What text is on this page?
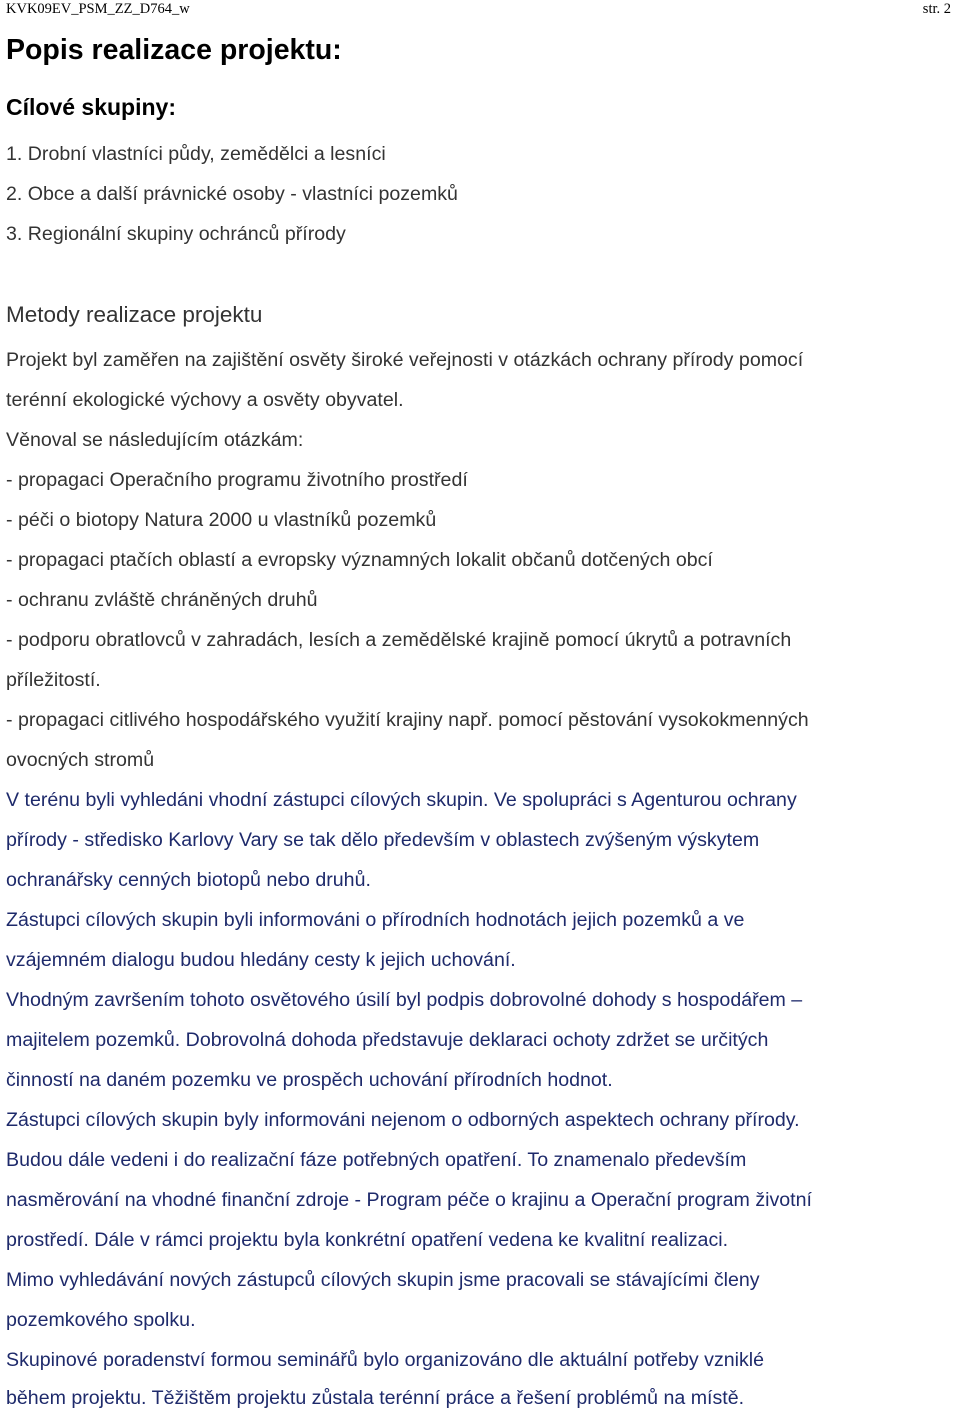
KVK09EV_PSM_ZZ_D764_w	str. 2
Popis realizace projektu:
Cílové skupiny:
1. Drobní vlastníci půdy, zemědělci a lesníci
2. Obce a další právnické osoby - vlastníci pozemků
3. Regionální skupiny ochránců přírody
Metody realizace projektu
Projekt byl zaměřen na zajištění osvěty široké veřejnosti v otázkách ochrany přírody pomocí
terénní ekologické výchovy a osvěty obyvatel.
Věnoval se následujícím otázkám:
- propagaci Operačního programu životního prostředí
- péči o biotopy Natura 2000 u vlastníků pozemků
- propagaci ptačích oblastí a evropsky významných lokalit občanů dotčených obcí
- ochranu zvláště chráněných druhů
- podporu obratlovců v zahradách, lesích a zemědělské krajině pomocí úkrytů a potravních
příležitostí.
- propagaci citlivého hospodářského využití krajiny např. pomocí pěstování vysokokmenných
ovocných stromů
V terénu byli vyhledáni vhodní zástupci cílových skupin. Ve spolupráci s Agenturou ochrany
přírody - středisko Karlovy Vary se tak dělo především v oblastech zvýšeným výskytem
ochranářsky cenných biotopů nebo druhů.
Zástupci cílových skupin byli informováni o přírodních hodnotách jejich pozemků a ve
vzájemném dialogu budou hledány cesty k jejich uchování.
Vhodným završením tohoto osvětového úsilí byl podpis dobrovolné dohody s hospodářem –
majitelem pozemků. Dobrovolná dohoda představuje deklaraci ochoty zdržet se určitých
činností na daném pozemku ve prospěch uchování přírodních hodnot.
Zástupci cílových skupin byly informováni nejenom o odborných aspektech ochrany přírody.
Budou dále vedeni i do realizační fáze potřebných opatření. To znamenalo především
nasměrování na vhodné finanční zdroje - Program péče o krajinu a Operační program životní
prostředí. Dále v rámci projektu byla konkrétní opatření vedena ke kvalitní realizaci.
Mimo vyhledávání nových zástupců cílových skupin jsme pracovali se stávajícími členy
pozemkového spolku.
Skupinové poradenství formou seminářů bylo organizováno dle aktuální potřeby vzniklé
během projektu. Těžištěm projektu zůstala terénní práce a řešení problémů na místě.
